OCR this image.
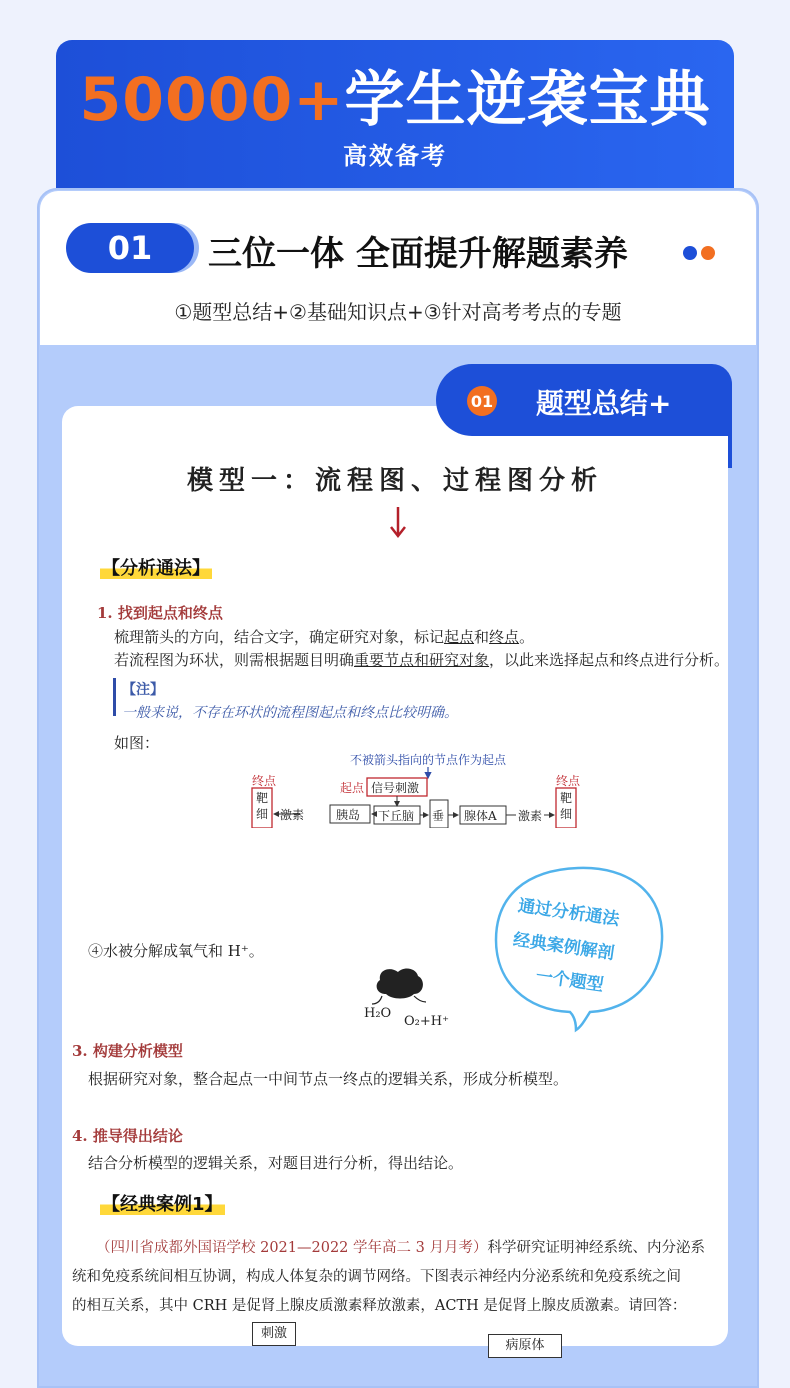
50000+学生逆袭宝典
高效备考
01	三位一体 全面提升解题素养
①题型总结+②基础知识点+③针对高考考点的专题
01 题型总结+
模型一：流程图、过程图分析
【分析通法】
1. 找到起点和终点
梳理箭头的方向，结合文字，确定研究对象，标记起点和终点。
若流程图为环状，则需根据题目明确重要节点和研究对象，以此来选择起点和终点进行分析。
【注】
一般来说，不存在环状的流程图起点和终点比较明确。
如图：
不被箭头指向的节点作为起点
终点	终点
起点 信号刺激
靶
细
靶
细
激素	胰岛 下丘脑 垂 腺体A 激素
通过分析通法
经典案例解剖
一个题型
④水被分解成氧气和 H⁺。
H₂O
O₂+H⁺
3. 构建分析模型
根据研究对象，整合起点一中间节点一终点的逻辑关系，形成分析模型。
4. 推导得出结论
结合分析模型的逻辑关系，对题目进行分析，得出结论。
【经典案例1】
（四川省成都外国语学校 2021—2022 学年高二 3 月月考）科学研究证明神经系统、内分泌系
统和免疫系统间相互协调，构成人体复杂的调节网络。下图表示神经内分泌系统和免疫系统之间
的相互关系，其中 CRH 是促肾上腺皮质激素释放激素，ACTH 是促肾上腺皮质激素。请回答：
刺激
病原体
